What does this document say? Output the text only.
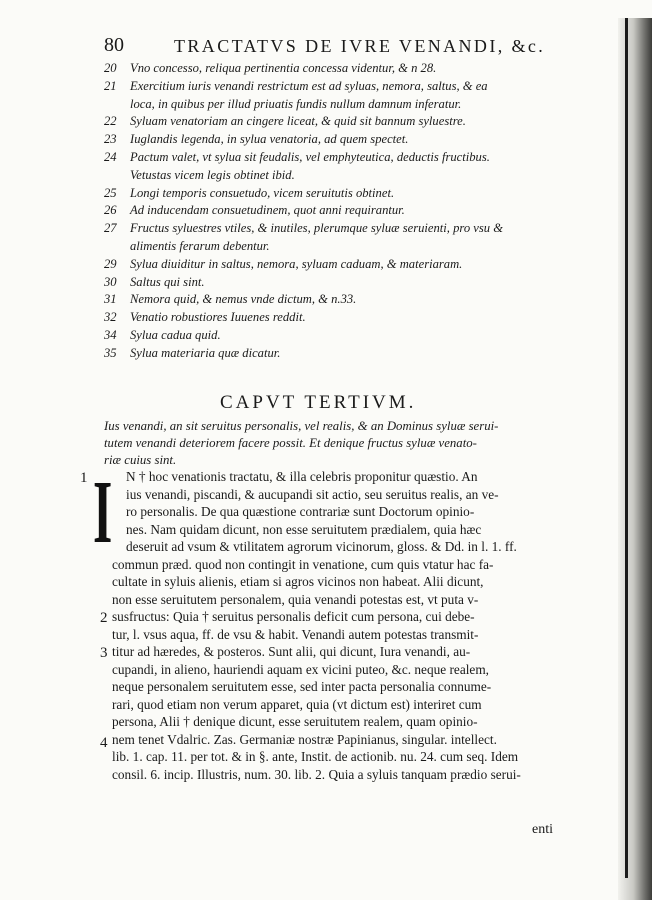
80	TRACTATVS DE IVRE VENANDI, &c.
20	Vno concesso, reliqua pertinentia concessa videntur, & n 28.
21	Exercitium iuris venandi restrictum est ad syluas, nemora, saltus, & ea
loca, in quibus per illud priuatis fundis nullum damnum inferatur.
22	Syluam venatoriam an cingere liceat, & quid sit bannum syluestre.
23	Iuglandis legenda, in sylua venatoria, ad quem spectet.
24	Pactum valet, vt sylua sit feudalis, vel emphyteutica, deductis fructibus.
Vetustas vicem legis obtinet ibid.
25	Longi temporis consuetudo, vicem seruitutis obtinet.
26	Ad inducendam consuetudinem, quot anni requirantur.
27	Fructus syluestres vtiles, & inutiles, plerumque syluæ seruienti, pro vsu &
alimentis ferarum debentur.
29	Sylua diuiditur in saltus, nemora, syluam caduam, & materiaram.
30	Saltus qui sint.
31	Nemora quid, & nemus vnde dictum, & n.33.
32	Venatio robustiores Iuuenes reddit.
34	Sylua cadua quid.
35	Sylua materiaria quæ dicatur.
CAPVT TERTIVM.
Ius venandi, an sit seruitus personalis, vel realis, & an Dominus syluæ serui-
tutem venandi deteriorem facere possit. Et denique fructus syluæ venato-
riæ cuius sint.
1
2
3
4
I	N † hoc venationis tractatu, & illa celebris proponitur quæstio. An
ius venandi, piscandi, & aucupandi sit actio, seu seruitus realis, an ve-
ro personalis. De qua quæstione contrariæ sunt Doctorum opinio-
nes. Nam quidam dicunt, non esse seruitutem prædialem, quia hæc
deseruit ad vsum & vtilitatem agrorum vicinorum, gloss. & Dd. in l. 1. ff.
commun præd. quod non contingit in venatione, cum quis vtatur hac fa-
cultate in syluis alienis, etiam si agros vicinos non habeat. Alii dicunt,
non esse seruitutem personalem, quia venandi potestas est, vt puta v-
susfructus: Quia † seruitus personalis deficit cum persona, cui debe-
tur, l. vsus aqua, ff. de vsu & habit. Venandi autem potestas transmit-
titur ad hæredes, & posteros. Sunt alii, qui dicunt, Iura venandi, au-
cupandi, in alieno, hauriendi aquam ex vicini puteo, &c. neque realem,
neque personalem seruitutem esse, sed inter pacta personalia connume-
rari, quod etiam non verum apparet, quia (vt dictum est) interiret cum
persona, Alii † denique dicunt, esse seruitutem realem, quam opinio-
nem tenet Vdalric. Zas. Germaniæ nostræ Papinianus, singular. intellect.
lib. 1. cap. 11. per tot. & in §. ante, Instit. de actionib. nu. 24. cum seq. Idem
consil. 6. incip. Illustris, num. 30. lib. 2. Quia a syluis tanquam prædio serui-
enti
